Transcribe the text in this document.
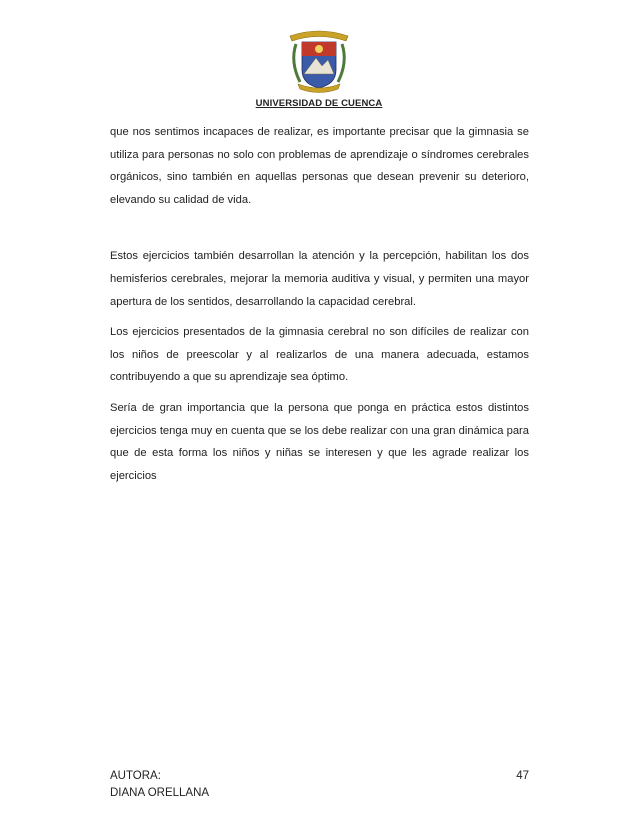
UNIVERSIDAD DE CUENCA

que nos sentimos incapaces de realizar, es importante precisar que la gimnasia se utiliza para personas no solo con problemas de aprendizaje o síndromes cerebrales orgánicos, sino también en aquellas personas que desean prevenir su deterioro, elevando su calidad de vida.

Estos ejercicios también desarrollan la atención y la percepción, habilitan los dos hemisferios cerebrales, mejorar la memoria auditiva y visual, y permiten una mayor apertura de los sentidos, desarrollando la capacidad cerebral.

Los ejercicios presentados de la gimnasia cerebral no son difíciles de realizar con los niños de preescolar y al realizarlos de una manera adecuada, estamos contribuyendo a que su aprendizaje sea óptimo.

Sería de gran importancia que la persona que ponga en práctica estos distintos ejercicios tenga muy en cuenta que se los debe realizar con una gran dinámica para que de esta forma los niños y niñas se interesen y que les agrade realizar los ejercicios

AUTORA:
DIANA ORELLANA
47
